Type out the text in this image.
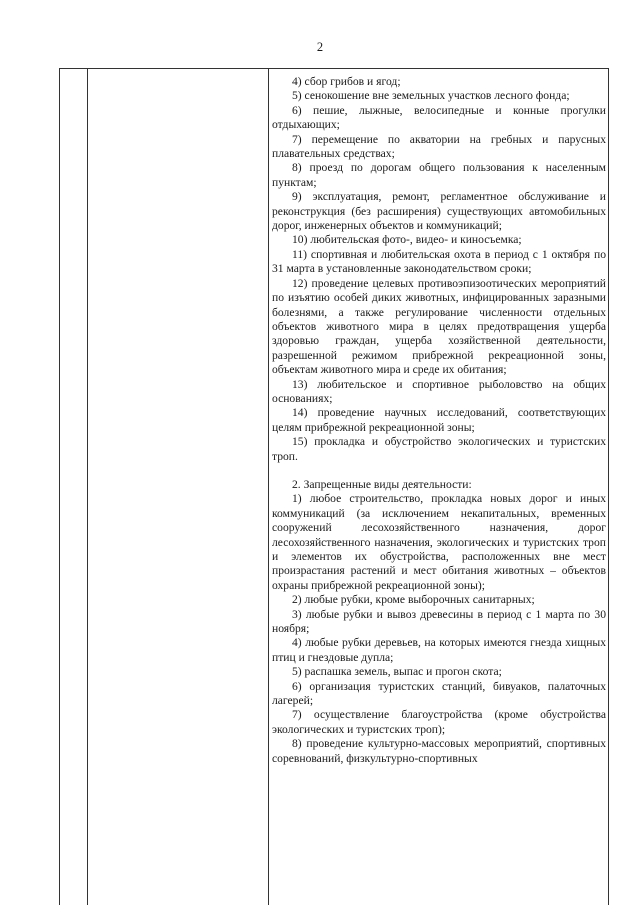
2

4) сбор грибов и ягод;

5) сенокошение вне земельных участков лесного фонда;

6) пешие, лыжные, велосипедные и конные прогулки отдыхающих;

7) перемещение по акватории на гребных и парусных плавательных средствах;

8) проезд по дорогам общего пользования к населенным пунктам;

9) эксплуатация, ремонт, регламентное обслуживание и реконструкция (без расширения) существующих автомобильных дорог, инженерных объектов и коммуникаций;

10) любительская фото-, видео- и киносъемка;

11) спортивная и любительская охота в период с 1 октября по 31 марта в установленные законодательством сроки;

12) проведение целевых противоэпизоотических мероприятий по изъятию особей диких животных, инфицированных заразными болезнями, а также регулирование численности отдельных объектов животного мира в целях предотвращения ущерба здоровью граждан, ущерба хозяйственной деятельности, разрешенной режимом прибрежной рекреационной зоны, объектам животного мира и среде их обитания;

13) любительское и спортивное рыболовство на общих основаниях;

14) проведение научных исследований, соответствующих целям прибрежной рекреационной зоны;

15) прокладка и обустройство экологических и туристских троп.

2. Запрещенные виды деятельности:

1) любое строительство, прокладка новых дорог и иных коммуникаций (за исключением некапитальных, временных сооружений лесохозяйственного назначения, дорог лесохозяйственного назначения, экологических и туристских троп и элементов их обустройства, расположенных вне мест произрастания растений и мест обитания животных – объектов охраны прибрежной рекреационной зоны);

2) любые рубки, кроме выборочных санитарных;

3) любые рубки и вывоз древесины в период с 1 марта по 30 ноября;

4) любые рубки деревьев, на которых имеются гнезда хищных птиц и гнездовые дупла;

5) распашка земель, выпас и прогон скота;

6) организация туристских станций, бивуаков, палаточных лагерей;

7) осуществление благоустройства (кроме обустройства экологических и туристских троп);

8) проведение культурно-массовых мероприятий, спортивных соревнований, физкультурно-спортивных
